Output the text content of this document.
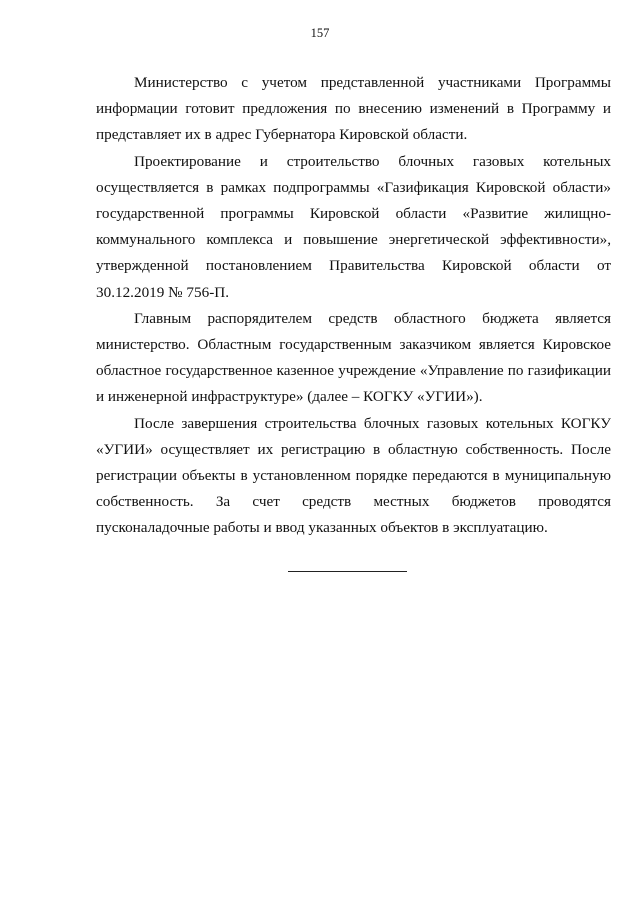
157

Министерство с учетом представленной участниками Программы информации готовит предложения по внесению изменений в Программу и представляет их в адрес Губернатора Кировской области.

Проектирование и строительство блочных газовых котельных осуществляется в рамках подпрограммы «Газификация Кировской области» государственной программы Кировской области «Развитие жилищно-коммунального комплекса и повышение энергетической эффективности», утвержденной постановлением Правительства Кировской области от 30.12.2019 № 756-П.

Главным распорядителем средств областного бюджета является министерство. Областным государственным заказчиком является Кировское областное государственное казенное учреждение «Управление по газификации и инженерной инфраструктуре» (далее – КОГКУ «УГИИ»).

После завершения строительства блочных газовых котельных КОГКУ «УГИИ» осуществляет их регистрацию в областную собственность. После регистрации объекты в установленном порядке передаются в муниципальную собственность. За счет средств местных бюджетов проводятся пусконаладочные работы и ввод указанных объектов в эксплуатацию.
